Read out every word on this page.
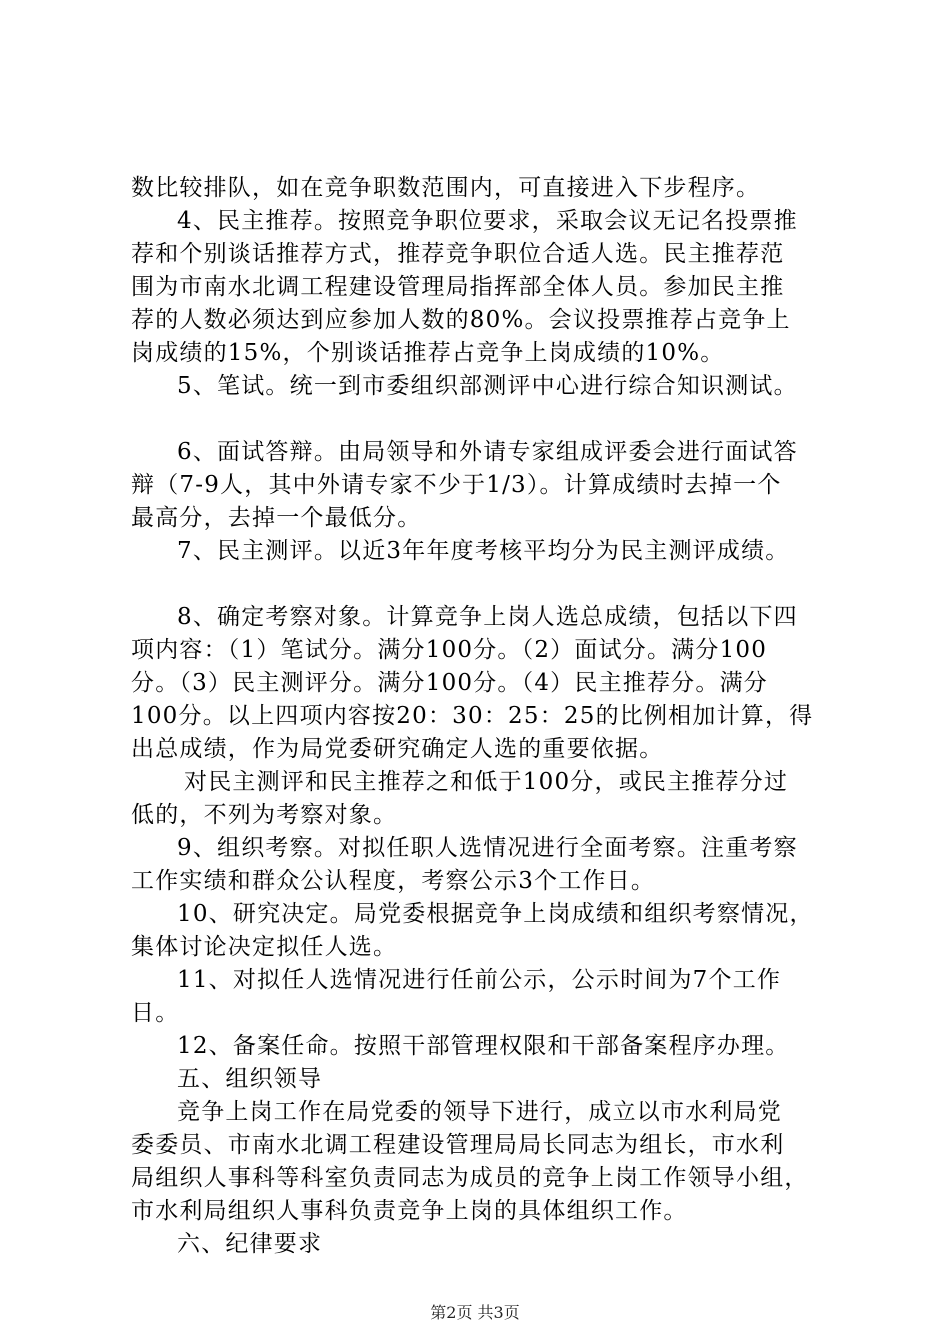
数比较排队，如在竞争职数范围内，可直接进入下步程序。
4、民主推荐。按照竞争职位要求，采取会议无记名投票推
荐和个别谈话推荐方式，推荐竞争职位合适人选。民主推荐范
围为市南水北调工程建设管理局指挥部全体人员。参加民主推
荐的人数必须达到应参加人数的80%。会议投票推荐占竞争上
岗成绩的15%，个别谈话推荐占竞争上岗成绩的10%。
5、笔试。统一到市委组织部测评中心进行综合知识测试。
6、面试答辩。由局领导和外请专家组成评委会进行面试答
辩（7-9人，其中外请专家不少于1/3）。计算成绩时去掉一个
最高分，去掉一个最低分。
7、民主测评。以近3年年度考核平均分为民主测评成绩。
8、确定考察对象。计算竞争上岗人选总成绩，包括以下四
项内容：（1）笔试分。满分100分。（2）面试分。满分100
分。（3）民主测评分。满分100分。（4）民主推荐分。满分
100分。以上四项内容按20：30：25：25的比例相加计算，得
出总成绩，作为局党委研究确定人选的重要依据。
对民主测评和民主推荐之和低于100分，或民主推荐分过
低的，不列为考察对象。
9、组织考察。对拟任职人选情况进行全面考察。注重考察
工作实绩和群众公认程度，考察公示3个工作日。
10、研究决定。局党委根据竞争上岗成绩和组织考察情况，
集体讨论决定拟任人选。
11、对拟任人选情况进行任前公示，公示时间为7个工作
日。
12、备案任命。按照干部管理权限和干部备案程序办理。
五、组织领导
竞争上岗工作在局党委的领导下进行，成立以市水利局党
委委员、市南水北调工程建设管理局局长同志为组长，市水利
局组织人事科等科室负责同志为成员的竞争上岗工作领导小组，
市水利局组织人事科负责竞争上岗的具体组织工作。
六、纪律要求
第2页 共3页
